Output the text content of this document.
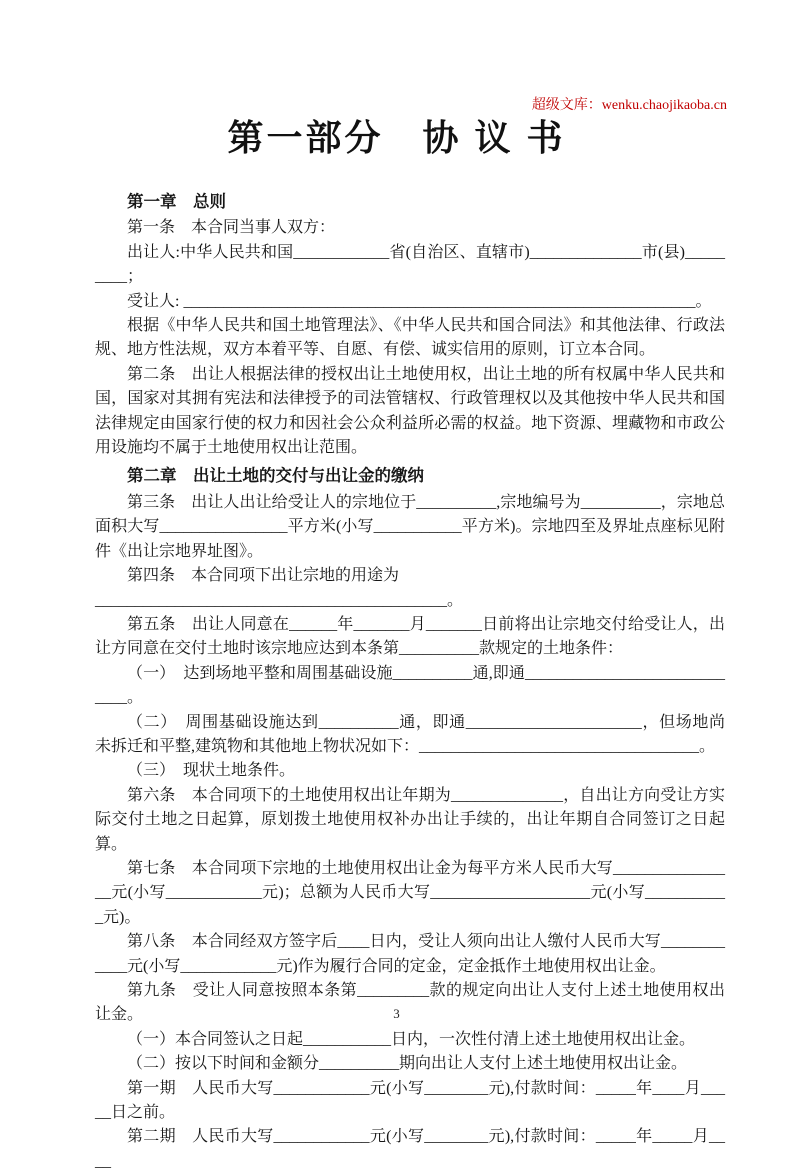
超级文库：wenku.chaojikaoba.cn
第一部分　协 议 书

第一章　总则

第一条　本合同当事人双方：

出让人:中华人民共和国____________省(自治区、直辖市)______________市(县)_________；

受让人: ________________________________________________________________。

根据《中华人民共和国土地管理法》、《中华人民共和国合同法》和其他法律、行政法规、地方性法规，双方本着平等、自愿、有偿、诚实信用的原则，订立本合同。

第二条　出让人根据法律的授权出让土地使用权，出让土地的所有权属中华人民共和国，国家对其拥有宪法和法律授予的司法管辖权、行政管理权以及其他按中华人民共和国法律规定由国家行使的权力和因社会公众利益所必需的权益。地下资源、埋藏物和市政公用设施均不属于土地使用权出让范围。

第二章　出让土地的交付与出让金的缴纳

第三条　出让人出让给受让人的宗地位于__________,宗地编号为__________，宗地总面积大写________________平方米(小写___________平方米)。宗地四至及界址点座标见附件《出让宗地界址图》。

第四条　本合同项下出让宗地的用途为

____________________________________________。

第五条　出让人同意在______年_______月_______日前将出让宗地交付给受让人，出让方同意在交付土地时该宗地应达到本条第__________款规定的土地条件：

（一）　达到场地平整和周围基础设施__________通,即通_____________________________。

（二）　周围基础设施达到__________通，即通______________________，但场地尚未拆迁和平整,建筑物和其他地上物状况如下：___________________________________。

（三）　现状土地条件。

第六条　本合同项下的土地使用权出让年期为______________，自出让方向受让方实际交付土地之日起算，原划拨土地使用权补办出让手续的，出让年期自合同签订之日起算。

第七条　本合同项下宗地的土地使用权出让金为每平方米人民币大写________________元(小写____________元)；总额为人民币大写____________________元(小写___________元)。

第八条　本合同经双方签字后____日内，受让人须向出让人缴付人民币大写____________元(小写____________元)作为履行合同的定金，定金抵作土地使用权出让金。

第九条　受让人同意按照本条第_________款的规定向出让人支付上述土地使用权出让金。

（一）本合同签认之日起___________日内，一次性付清上述土地使用权出让金。

（二）按以下时间和金额分__________期向出让人支付上述土地使用权出让金。

第一期　人民币大写____________元(小写________元),付款时间：_____年____月_____日之前。

第二期　人民币大写____________元(小写________元),付款时间：_____年_____月____

3
